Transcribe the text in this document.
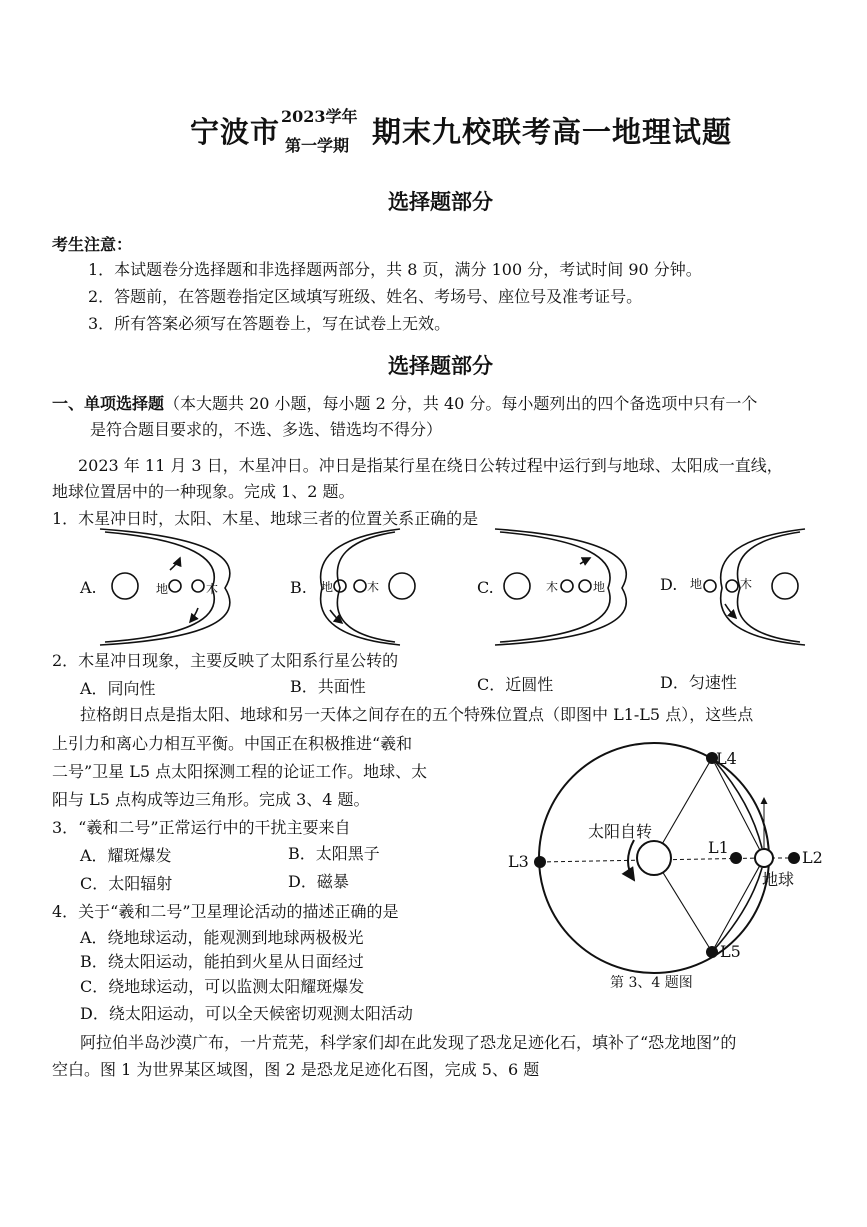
宁波市 2023学年
第一学期 期末九校联考高一地理试题
选择题部分
考生注意：
1．本试题卷分选择题和非选择题两部分，共 8 页，满分 100 分，考试时间 90 分钟。
2．答题前，在答题卷指定区域填写班级、姓名、考场号、座位号及准考证号。
3．所有答案必须写在答题卷上，写在试卷上无效。
选择题部分
一、单项选择题（本大题共 20 小题，每小题 2 分，共 40 分。每小题列出的四个备选项中只有一个
是符合题目要求的，不选、多选、错选均不得分）
2023 年 11 月 3 日，木星冲日。冲日是指某行星在绕日公转过程中运行到与地球、太阳成一直线，
地球位置居中的一种现象。完成 1、2 题。
1．木星冲日时，太阳、木星、地球三者的位置关系正确的是
A.	地	木	B. 地	木	C.	木	地	D. 地	木
2．木星冲日现象，主要反映了太阳系行星公转的
A．同向性	B．共面性	C．近圆性	D．匀速性
拉格朗日点是指太阳、地球和另一天体之间存在的五个特殊位置点（即图中 L1-L5 点），这些点
上引力和离心力相互平衡。中国正在积极推进“羲和
二号”卫星 L5 点太阳探测工程的论证工作。地球、太
阳与 L5 点构成等边三角形。完成 3、4 题。
3．“羲和二号”正常运行中的干扰主要来自
A．耀斑爆发	B．太阳黑子
C．太阳辐射	D．磁暴
4．关于“羲和二号”卫星理论活动的描述正确的是
A．绕地球运动，能观测到地球两极极光
B．绕太阳运动，能拍到火星从日面经过
C．绕地球运动，可以监测太阳耀斑爆发
D．绕太阳运动，可以全天候密切观测太阳活动
L4
L1
L2
L3
L5
太阳自转
地球
第 3、4 题图
阿拉伯半岛沙漠广布，一片荒芜，科学家们却在此发现了恐龙足迹化石，填补了“恐龙地图”的
空白。图 1 为世界某区域图，图 2 是恐龙足迹化石图，完成 5、6 题
